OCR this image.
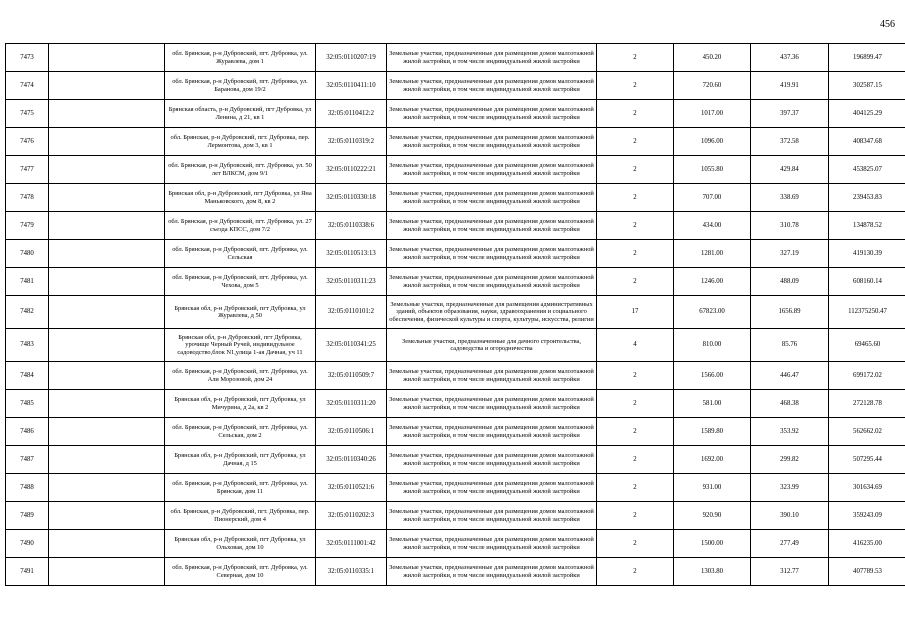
456
7473		обл. Брянская, р-н Дубровский, пгт. Дубровка, ул. Журавлева, дом 1	32:05:0110207:19	Земельные участки, предназначенные для размещения домов малоэтажной жилой застройки, в том числе индивидуальной жилой застройки	2	450.20	437.36	196899.47
7474		обл. Брянская, р-н Дубровский, пгт. Дубровка, ул. Баранова, дом 19/2	32:05:0110411:10	Земельные участки, предназначенные для размещения домов малоэтажной жилой застройки, в том числе индивидуальной жилой застройки	2	720.60	419.91	302587.15
7475		Брянская область, р-н Дубровский, пгт Дубровка, ул Ленина, д 21, кв 1	32:05:0110412:2	Земельные участки, предназначенные для размещения домов малоэтажной жилой застройки, в том числе индивидуальной жилой застройки	2	1017.00	397.37	404125.29
7476		обл. Брянская, р-н Дубровский, пгт. Дубровка, пер. Лермонтова, дом 3, кв 1	32:05:0110319:2	Земельные участки, предназначенные для размещения домов малоэтажной жилой застройки, в том числе индивидуальной жилой застройки	2	1096.00	372.58	408347.68
7477		обл. Брянская, р-н Дубровский, пгт. Дубровка, ул. 50 лет ВЛКСМ, дом 9/1	32:05:0110222:21	Земельные участки, предназначенные для размещения домов малоэтажной жилой застройки, в том числе индивидуальной жилой застройки	2	1055.80	429.84	453825.07
7478		Брянская обл, р-н Дубровский, пгт Дубровка, ул Яна Маньковского, дом 8, кв 2	32:05:0110330:18	Земельные участки, предназначенные для размещения домов малоэтажной жилой застройки, в том числе индивидуальной жилой застройки	2	707.00	338.69	239453.83
7479		обл. Брянская, р-н Дубровский, пгт. Дубровка, ул. 27 съезда КПСС, дом 7/2	32:05:0110338:6	Земельные участки, предназначенные для размещения домов малоэтажной жилой застройки, в том числе индивидуальной жилой застройки	2	434.00	310.78	134878.52
7480		обл. Брянская, р-н Дубровский, пгт. Дубровка, ул. Сельская	32:05:0110513:13	Земельные участки, предназначенные для размещения домов малоэтажной жилой застройки, в том числе индивидуальной жилой застройки	2	1281.00	327.19	419130.39
7481		обл. Брянская, р-н Дубровский, пгт. Дубровка, ул. Чехова, дом 5	32:05:0110311:23	Земельные участки, предназначенные для размещения домов малоэтажной жилой застройки, в том числе индивидуальной жилой застройки	2	1246.00	488.09	608160.14
7482		Брянская обл, р-н Дубровский, пгт Дубровка, ул Журавлева, д 50	32:05:0110101:2	Земельные участки, предназначенные для размещения административных зданий, объектов образования, науки, здравоохранения и социального обеспечения, физической культуры и спорта, культуры, искусства, религии	17	67823.00	1656.89	112375250.47
7483		Брянская обл, р-н Дубровский, пгт Дубровка, урочище Черный Ручей, индивидульное садоводство,блок N1,улица 1-ая Дачная, уч 11	32:05:0110341:25	Земельные участки, предназначенные для дачного строительства, садоводства и огородничества	4	810.00	85.76	69465.60
7484		обл. Брянская, р-н Дубровский, пгт. Дубровка, ул. Али Морозовой, дом 24	32:05:0110509:7	Земельные участки, предназначенные для размещения домов малоэтажной жилой застройки, в том числе индивидуальной жилой застройки	2	1566.00	446.47	699172.02
7485		Брянская обл, р-н Дубровский, пгт Дубровка, ул Мичурина, д 2а, кв 2	32:05:0110311:20	Земельные участки, предназначенные для размещения домов малоэтажной жилой застройки, в том числе индивидуальной жилой застройки	2	581.00	468.38	272128.78
7486		обл. Брянская, р-н Дубровский, пгт. Дубровка, ул. Сельская, дом 2	32:05:0110506:1	Земельные участки, предназначенные для размещения домов малоэтажной жилой застройки, в том числе индивидуальной жилой застройки	2	1589.80	353.92	562662.02
7487		Брянская обл, р-н Дубровский, пгт Дубровка, ул Дачная, д 15	32:05:0110340:26	Земельные участки, предназначенные для размещения домов малоэтажной жилой застройки, в том числе индивидуальной жилой застройки	2	1692.00	299.82	507295.44
7488		обл. Брянская, р-н Дубровский, пгт. Дубровка, ул. Брянская, дом 11	32:05:0110521:6	Земельные участки, предназначенные для размещения домов малоэтажной жилой застройки, в том числе индивидуальной жилой застройки	2	931.00	323.99	301634.69
7489		обл. Брянская, р-н Дубровский, пгт. Дубровка, пер. Пионерский, дом 4	32:05:0110202:3	Земельные участки, предназначенные для размещения домов малоэтажной жилой застройки, в том числе индивидуальной жилой застройки	2	920.90	390.10	359243.09
7490		Брянская обл, р-н Дубровский, пгт Дубровка, ул Ольховая, дом 10	32:05:0111001:42	Земельные участки, предназначенные для размещения домов малоэтажной жилой застройки, в том числе индивидуальной жилой застройки	2	1500.00	277.49	416235.00
7491		обл. Брянская, р-н Дубровский, пгт. Дубровка, ул. Северная, дом 10	32:05:0110335:1	Земельные участки, предназначенные для размещения домов малоэтажной жилой застройки, в том числе индивидуальной жилой застройки	2	1303.80	312.77	407789.53
